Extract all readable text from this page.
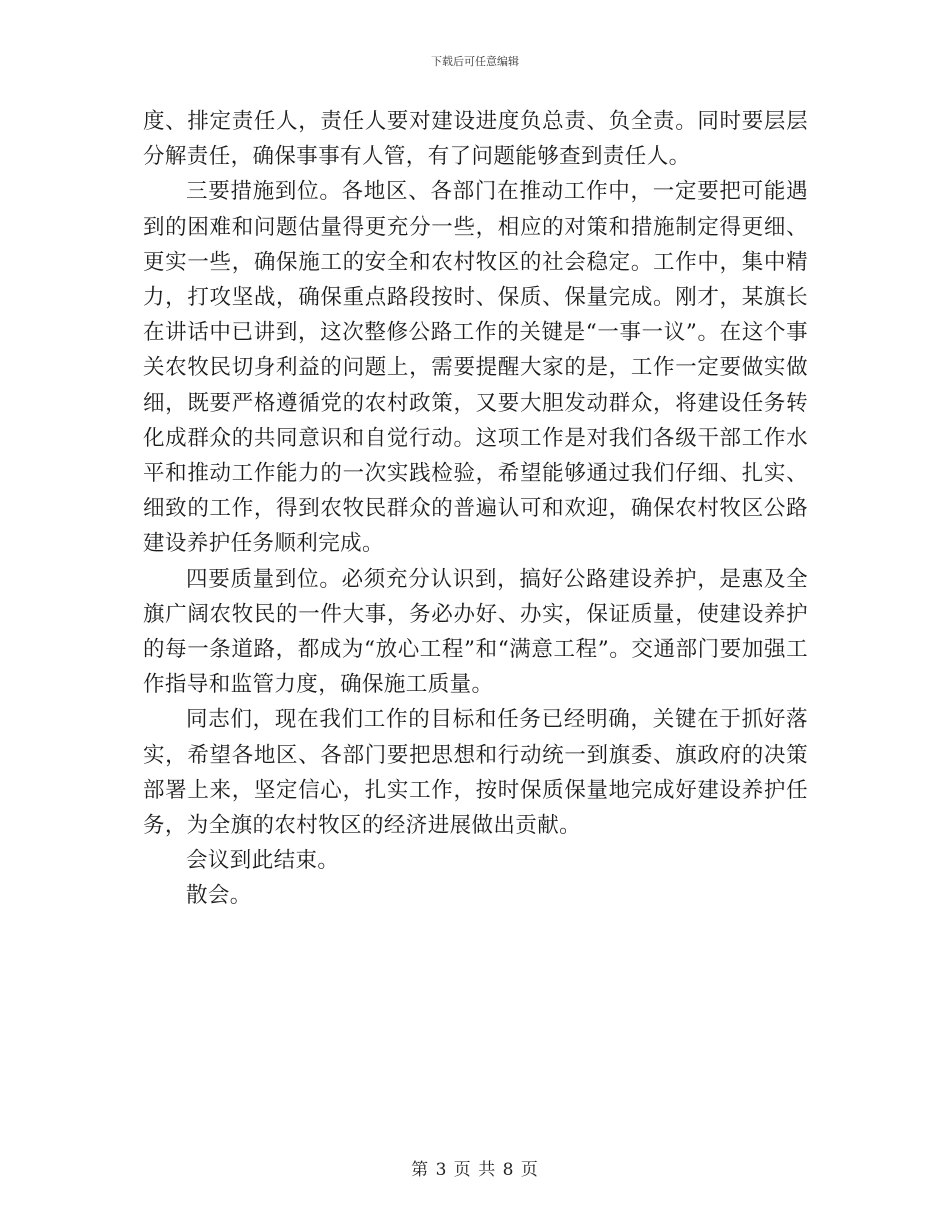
下载后可任意编辑

度、排定责任人，责任人要对建设进度负总责、负全责。同时要层层分解责任，确保事事有人管，有了问题能够查到责任人。

三要措施到位。各地区、各部门在推动工作中，一定要把可能遇到的困难和问题估量得更充分一些，相应的对策和措施制定得更细、更实一些，确保施工的安全和农村牧区的社会稳定。工作中，集中精力，打攻坚战，确保重点路段按时、保质、保量完成。刚才，某旗长在讲话中已讲到，这次整修公路工作的关键是“一事一议”。在这个事关农牧民切身利益的问题上，需要提醒大家的是，工作一定要做实做细，既要严格遵循党的农村政策，又要大胆发动群众，将建设任务转化成群众的共同意识和自觉行动。这项工作是对我们各级干部工作水平和推动工作能力的一次实践检验，希望能够通过我们仔细、扎实、细致的工作，得到农牧民群众的普遍认可和欢迎，确保农村牧区公路建设养护任务顺利完成。

四要质量到位。必须充分认识到，搞好公路建设养护，是惠及全旗广阔农牧民的一件大事，务必办好、办实，保证质量，使建设养护的每一条道路，都成为“放心工程”和“满意工程”。交通部门要加强工作指导和监管力度，确保施工质量。

同志们，现在我们工作的目标和任务已经明确，关键在于抓好落实，希望各地区、各部门要把思想和行动统一到旗委、旗政府的决策部署上来，坚定信心，扎实工作，按时保质保量地完成好建设养护任务，为全旗的农村牧区的经济进展做出贡献。

会议到此结束。

散会。

第 3 页 共 8 页
